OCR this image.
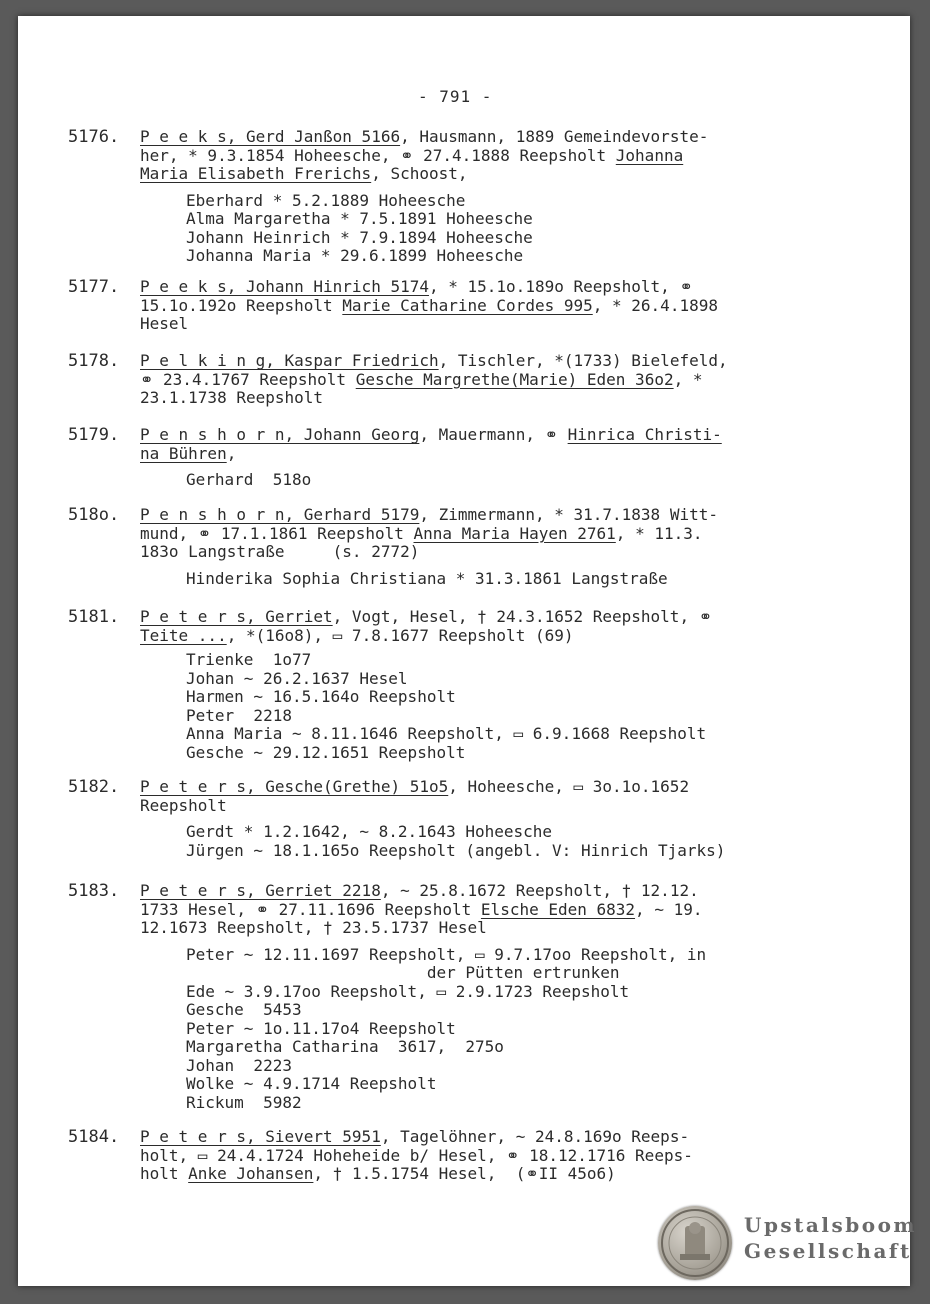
- 791 -
5176.	P e e k s, Gerd Janßon 5166, Hausmann, 1889 Gemeindevorste-
her, * 9.3.1854 Hoheesche, ⚭ 27.4.1888 Reepsholt Johanna
Maria Elisabeth Frerichs, Schoost,
Eberhard * 5.2.1889 Hoheesche
Alma Margaretha * 7.5.1891 Hoheesche
Johann Heinrich * 7.9.1894 Hoheesche
Johanna Maria * 29.6.1899 Hoheesche
5177.	P e e k s, Johann Hinrich 5174, * 15.1o.189o Reepsholt, ⚭
15.1o.192o Reepsholt Marie Catharine Cordes 995, * 26.4.1898
Hesel
5178.	P e l k i n g, Kaspar Friedrich, Tischler, *(1733) Bielefeld,
⚭ 23.4.1767 Reepsholt Gesche Margrethe(Marie) Eden 36o2, *
23.1.1738 Reepsholt
5179.	P e n s h o r n, Johann Georg, Mauermann, ⚭ Hinrica Christi-
na Bühren,
Gerhard  518o
518o.	P e n s h o r n, Gerhard 5179, Zimmermann, * 31.7.1838 Witt-
mund, ⚭ 17.1.1861 Reepsholt Anna Maria Hayen 2761, * 11.3.
183o Langstraße     (s. 2772)
Hinderika Sophia Christiana * 31.3.1861 Langstraße
5181.	P e t e r s, Gerriet, Vogt, Hesel, † 24.3.1652 Reepsholt, ⚭
Teite ..., *(16o8), ▭ 7.8.1677 Reepsholt (69)
Trienke  1o77
Johan ~ 26.2.1637 Hesel
Harmen ~ 16.5.164o Reepsholt
Peter  2218
Anna Maria ~ 8.11.1646 Reepsholt, ▭ 6.9.1668 Reepsholt
Gesche ~ 29.12.1651 Reepsholt
5182.	P e t e r s, Gesche(Grethe) 51o5, Hoheesche, ▭ 3o.1o.1652
Reepsholt
Gerdt * 1.2.1642, ~ 8.2.1643 Hoheesche
Jürgen ~ 18.1.165o Reepsholt (angebl. V: Hinrich Tjarks)
5183.	P e t e r s, Gerriet 2218, ~ 25.8.1672 Reepsholt, † 12.12.
1733 Hesel, ⚭ 27.11.1696 Reepsholt Elsche Eden 6832, ~ 19.
12.1673 Reepsholt, † 23.5.1737 Hesel
Peter ~ 12.11.1697 Reepsholt, ▭ 9.7.17oo Reepsholt, in
der Pütten ertrunken
Ede ~ 3.9.17oo Reepsholt, ▭ 2.9.1723 Reepsholt
Gesche  5453
Peter ~ 1o.11.17o4 Reepsholt
Margaretha Catharina  3617,  275o
Johan  2223
Wolke ~ 4.9.1714 Reepsholt
Rickum  5982
5184.	P e t e r s, Sievert 5951, Tagelöhner, ~ 24.8.169o Reeps-
holt, ▭ 24.4.1724 Hoheheide b/ Hesel, ⚭ 18.12.1716 Reeps-
holt Anke Johansen, † 1.5.1754 Hesel,  (⚭II 45o6)
Upstalsboom
Gesellschaft
